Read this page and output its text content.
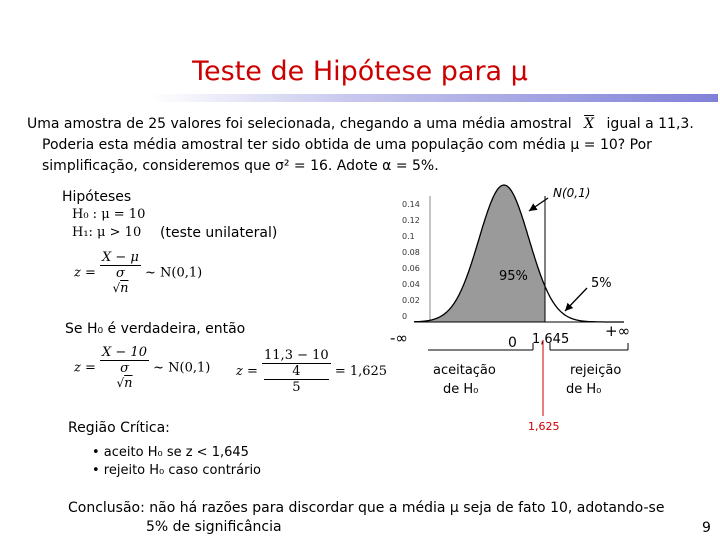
Teste de Hipótese para μ
Uma amostra de 25 valores foi selecionada, chegando a uma média amostral $\overline{X}$ igual a 11,3.
Poderia esta média amostral ter sido obtida de uma população com média μ = 10? Por
simplificação, consideremos que σ² = 16. Adote α = 5%.
Hipóteses
H₀ : μ = 10
H₁: μ > 10 (teste unilateral)
z =
X − μ
σ
√n
~ N(0,1)
Se H₀ é verdadeira, então
z =
X − 10
σ
√n
~ N(0,1) z = 11,3 − 10
4
5 = 1,625
Região Crítica:
• aceito H₀ se z < 1,645
• rejeito H₀ caso contrário
Conclusão: não há razões para discordar que a média μ seja de fato 10, adotando-se
5% de significância	9
0.14
0.12
0.1
0.08
0.06
0.04
0.02
0
N(0,1)
95%	5%
-∞	0 1,645 +∞
aceitação
de H₀
rejeição
de H₀
1,625
